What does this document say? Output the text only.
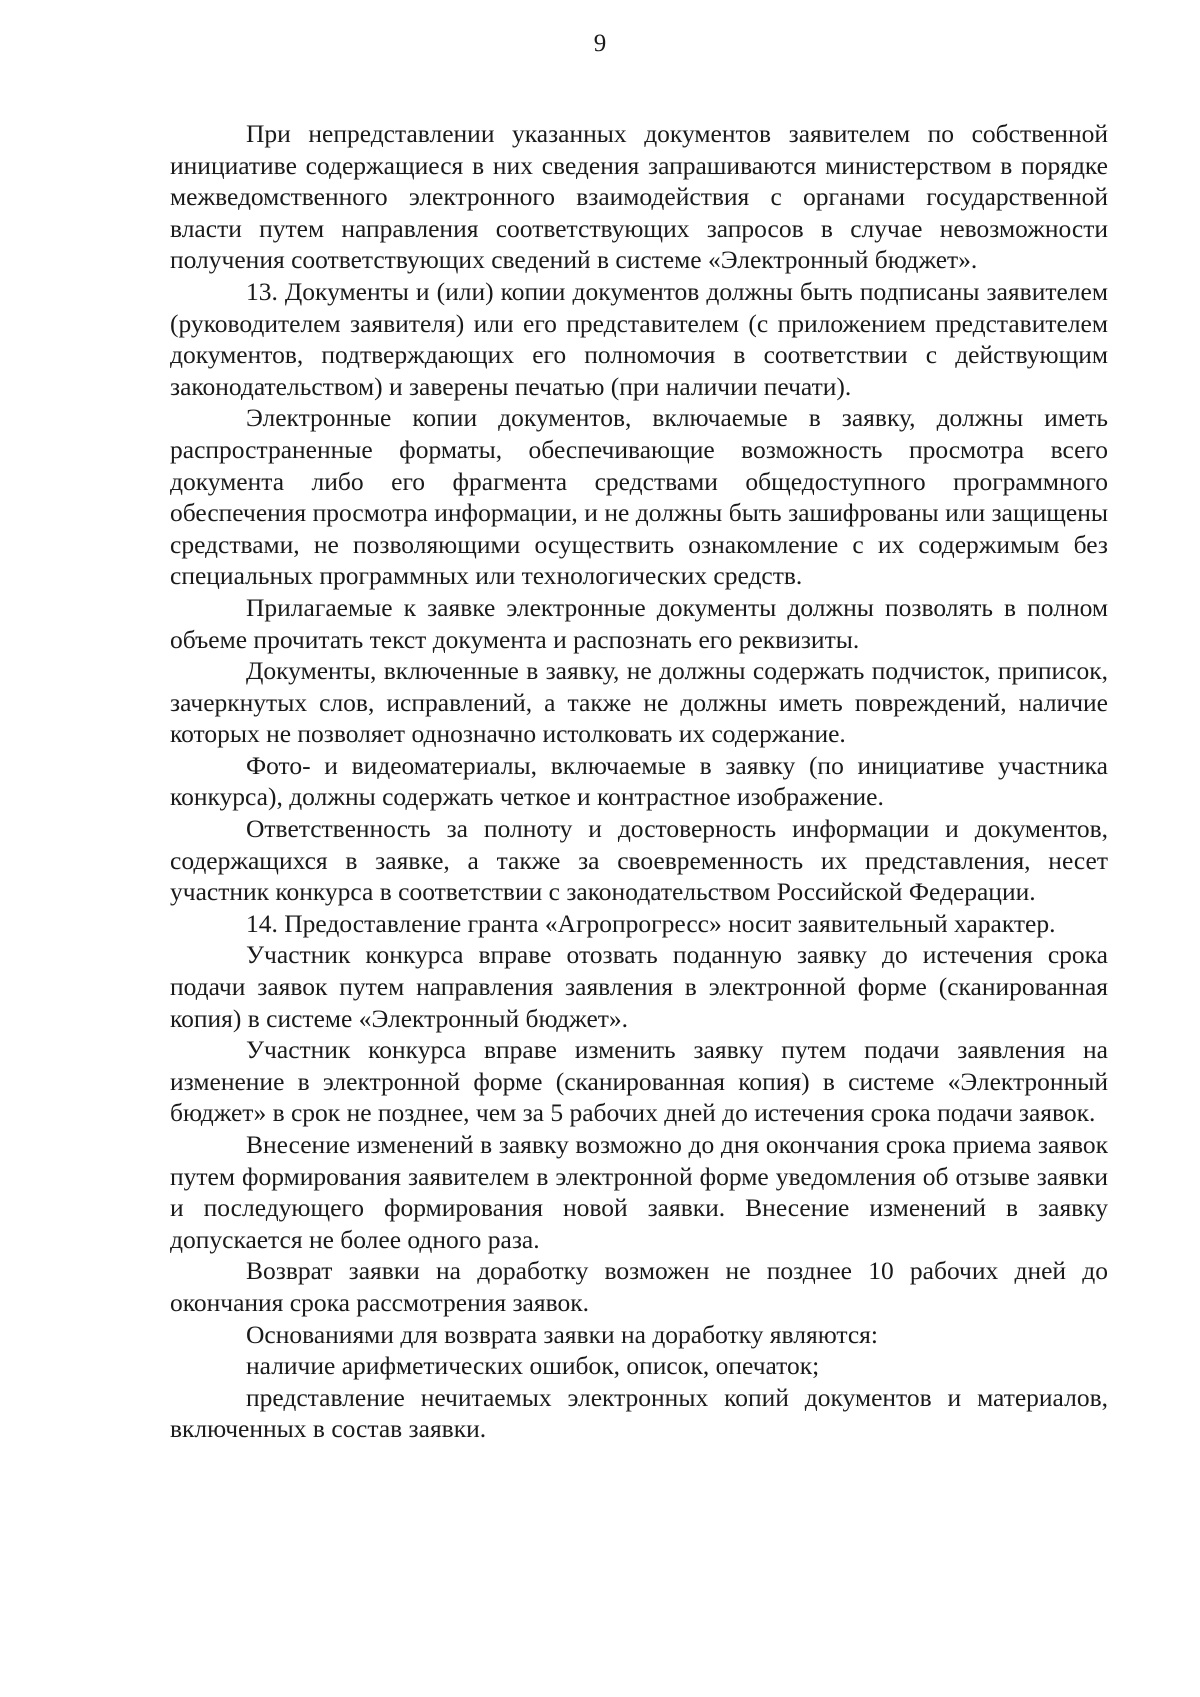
9

При непредставлении указанных документов заявителем по собственной инициативе содержащиеся в них сведения запрашиваются министерством в порядке межведомственного электронного взаимодействия с органами государственной власти путем направления соответствующих запросов в случае невозможности получения соответствующих сведений в системе «Электронный бюджет».

13. Документы и (или) копии документов должны быть подписаны заявителем (руководителем заявителя) или его представителем (с приложением представителем документов, подтверждающих его полномочия в соответствии с действующим законодательством) и заверены печатью (при наличии печати).

Электронные копии документов, включаемые в заявку, должны иметь распространенные форматы, обеспечивающие возможность просмотра всего документа либо его фрагмента средствами общедоступного программного обеспечения просмотра информации, и не должны быть зашифрованы или защищены средствами, не позволяющими осуществить ознакомление с их содержимым без специальных программных или технологических средств.

Прилагаемые к заявке электронные документы должны позволять в полном объеме прочитать текст документа и распознать его реквизиты.

Документы, включенные в заявку, не должны содержать подчисток, приписок, зачеркнутых слов, исправлений, а также не должны иметь повреждений, наличие которых не позволяет однозначно истолковать их содержание.

Фото- и видеоматериалы, включаемые в заявку (по инициативе участника конкурса), должны содержать четкое и контрастное изображение.

Ответственность за полноту и достоверность информации и документов, содержащихся в заявке, а также за своевременность их представления, несет участник конкурса в соответствии с законодательством Российской Федерации.

14. Предоставление гранта «Агропрогресс» носит заявительный характер.

Участник конкурса вправе отозвать поданную заявку до истечения срока подачи заявок путем направления заявления в электронной форме (сканированная копия) в системе «Электронный бюджет».

Участник конкурса вправе изменить заявку путем подачи заявления на изменение в электронной форме (сканированная копия) в системе «Электронный бюджет» в срок не позднее, чем за 5 рабочих дней до истечения срока подачи заявок.

Внесение изменений в заявку возможно до дня окончания срока приема заявок путем формирования заявителем в электронной форме уведомления об отзыве заявки и последующего формирования новой заявки. Внесение изменений в заявку допускается не более одного раза.

Возврат заявки на доработку возможен не позднее 10 рабочих дней до окончания срока рассмотрения заявок.

Основаниями для возврата заявки на доработку являются:

наличие арифметических ошибок, описок, опечаток;

представление нечитаемых электронных копий документов и материалов, включенных в состав заявки.
